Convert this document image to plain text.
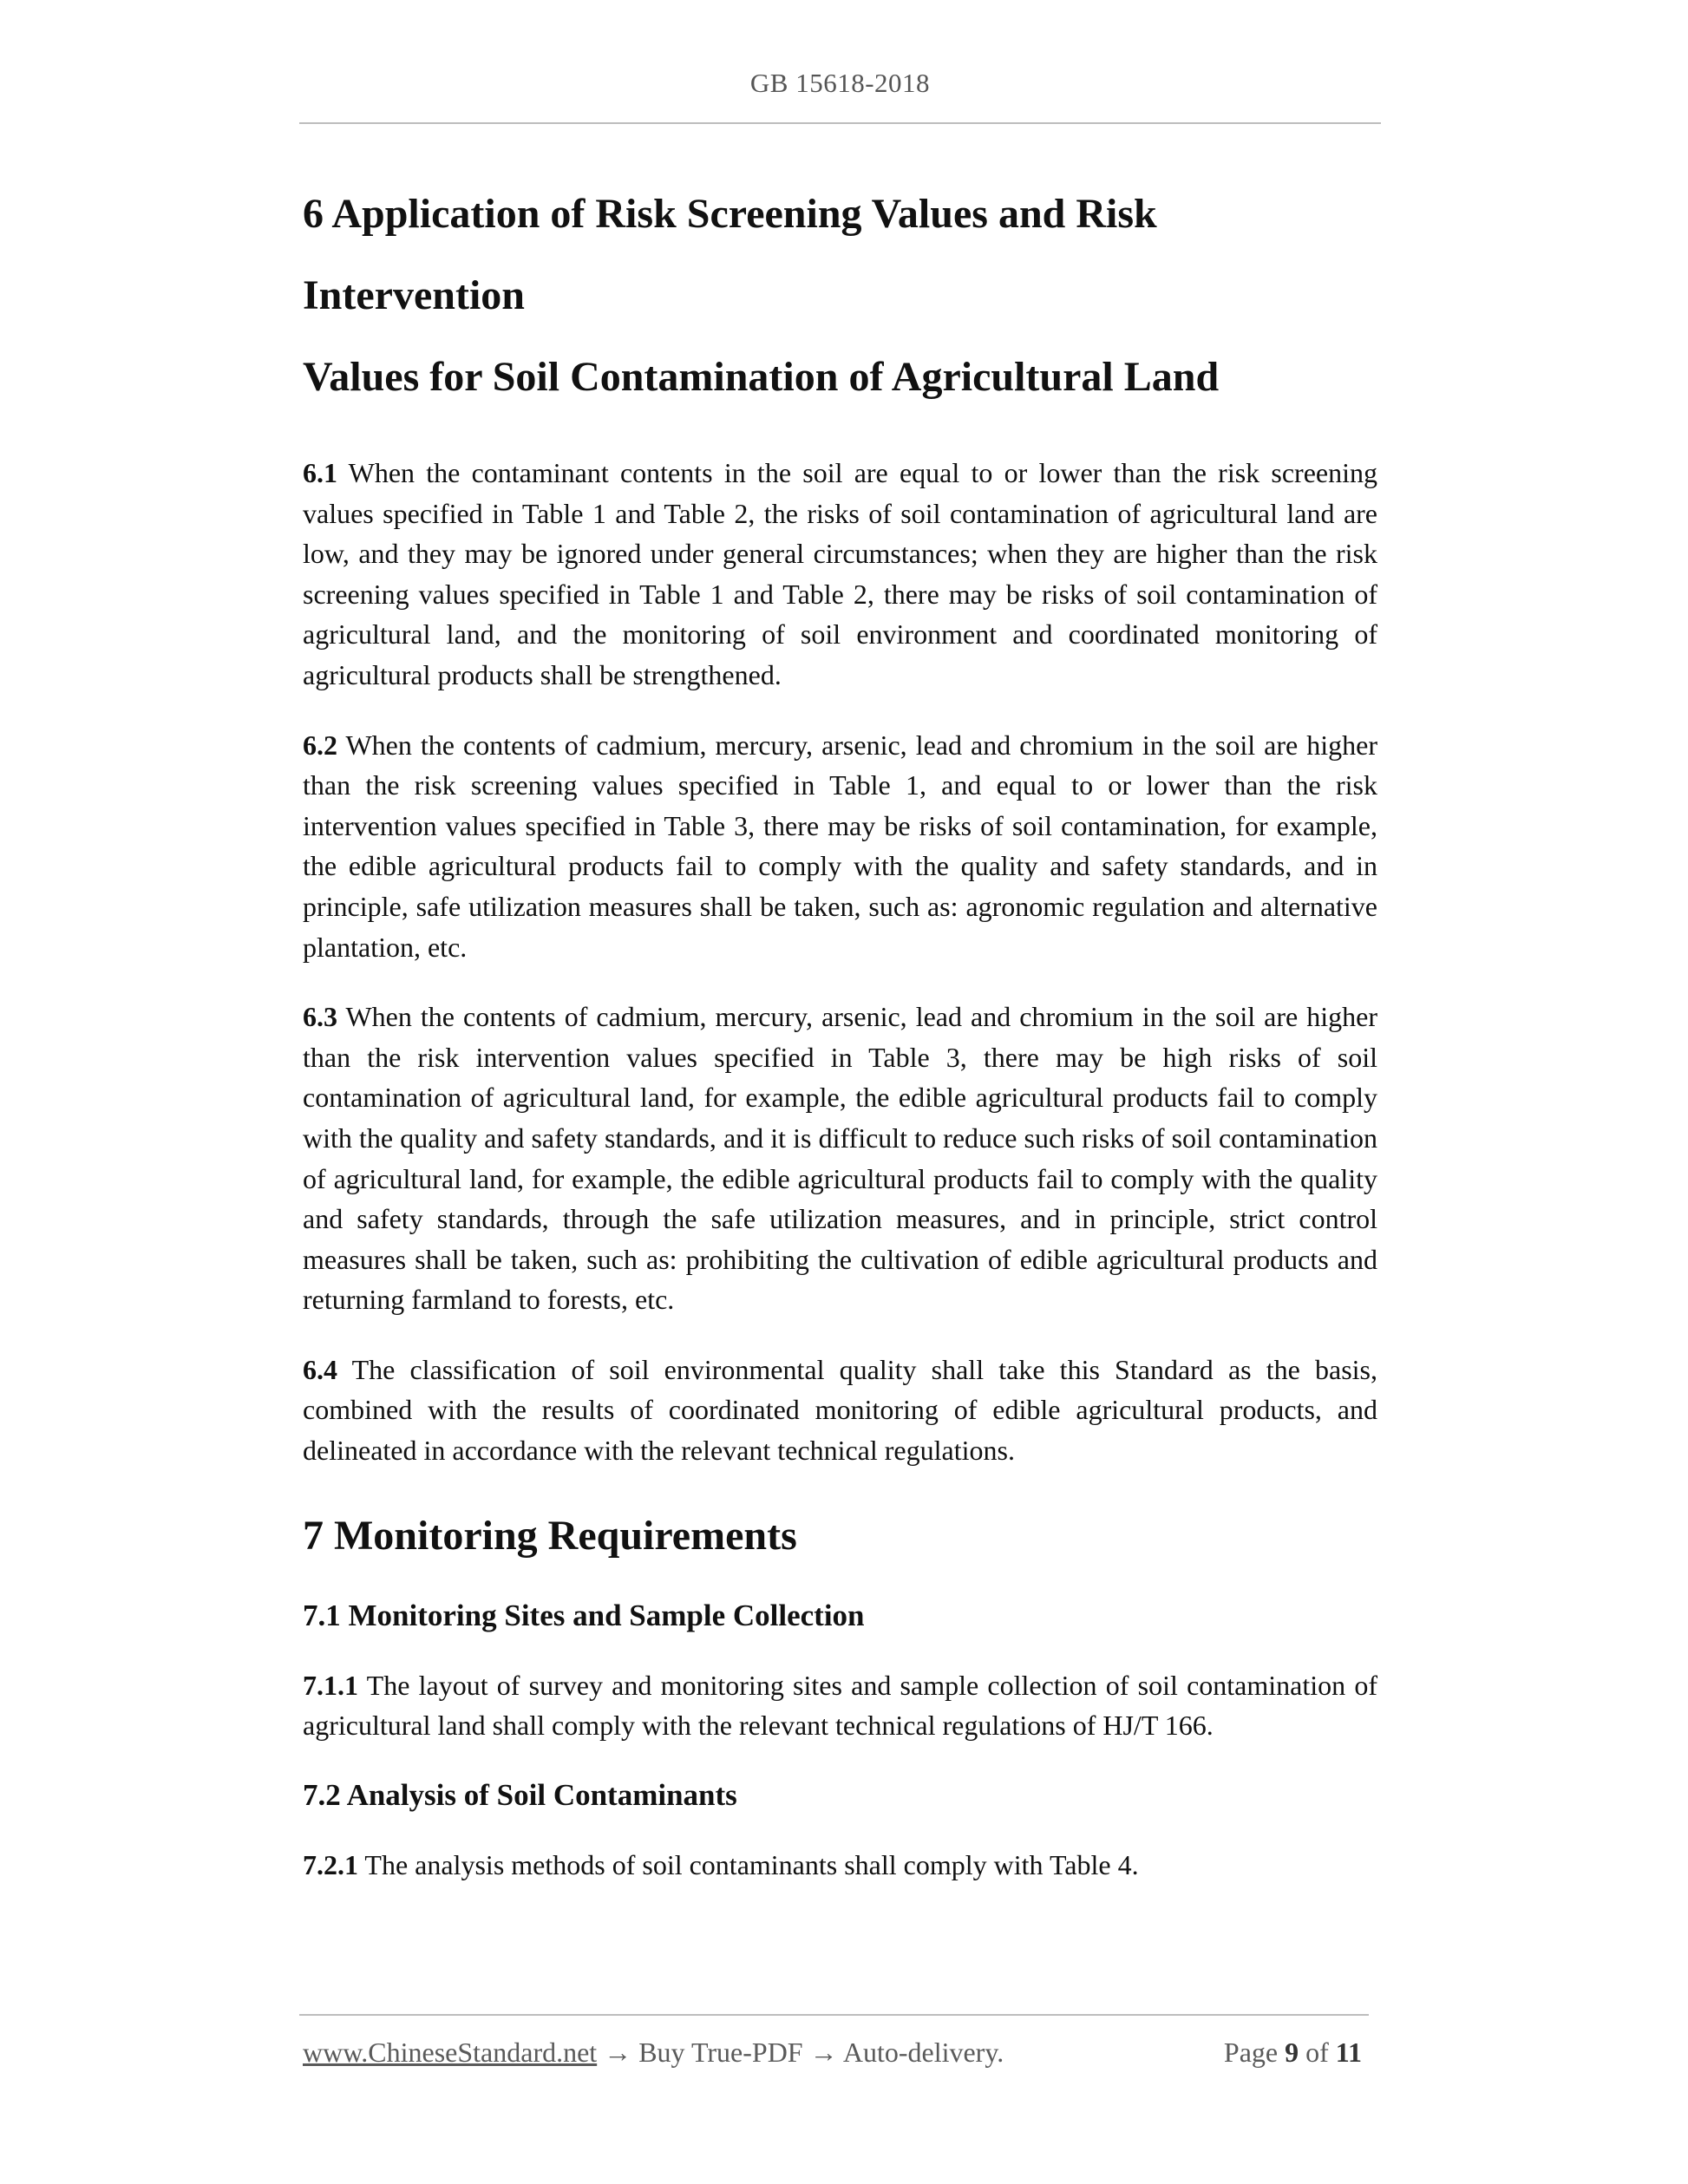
GB 15618-2018
6 Application of Risk Screening Values and Risk Intervention
Values for Soil Contamination of Agricultural Land

6.1 When the contaminant contents in the soil are equal to or lower than the risk screening values specified in Table 1 and Table 2, the risks of soil contamination of agricultural land are low, and they may be ignored under general circumstances; when they are higher than the risk screening values specified in Table 1 and Table 2, there may be risks of soil contamination of agricultural land, and the monitoring of soil environment and coordinated monitoring of agricultural products shall be strengthened.

6.2 When the contents of cadmium, mercury, arsenic, lead and chromium in the soil are higher than the risk screening values specified in Table 1, and equal to or lower than the risk intervention values specified in Table 3, there may be risks of soil contamination, for example, the edible agricultural products fail to comply with the quality and safety standards, and in principle, safe utilization measures shall be taken, such as: agronomic regulation and alternative plantation, etc.

6.3 When the contents of cadmium, mercury, arsenic, lead and chromium in the soil are higher than the risk intervention values specified in Table 3, there may be high risks of soil contamination of agricultural land, for example, the edible agricultural products fail to comply with the quality and safety standards, and it is difficult to reduce such risks of soil contamination of agricultural land, for example, the edible agricultural products fail to comply with the quality and safety standards, through the safe utilization measures, and in principle, strict control measures shall be taken, such as: prohibiting the cultivation of edible agricultural products and returning farmland to forests, etc.

6.4 The classification of soil environmental quality shall take this Standard as the basis, combined with the results of coordinated monitoring of edible agricultural products, and delineated in accordance with the relevant technical regulations.

7 Monitoring Requirements
7.1 Monitoring Sites and Sample Collection

7.1.1 The layout of survey and monitoring sites and sample collection of soil contamination of agricultural land shall comply with the relevant technical regulations of HJ/T 166.

7.2 Analysis of Soil Contaminants

7.2.1 The analysis methods of soil contaminants shall comply with Table 4.

www.ChineseStandard.net → Buy True-PDF → Auto-delivery.	Page 9 of 11
